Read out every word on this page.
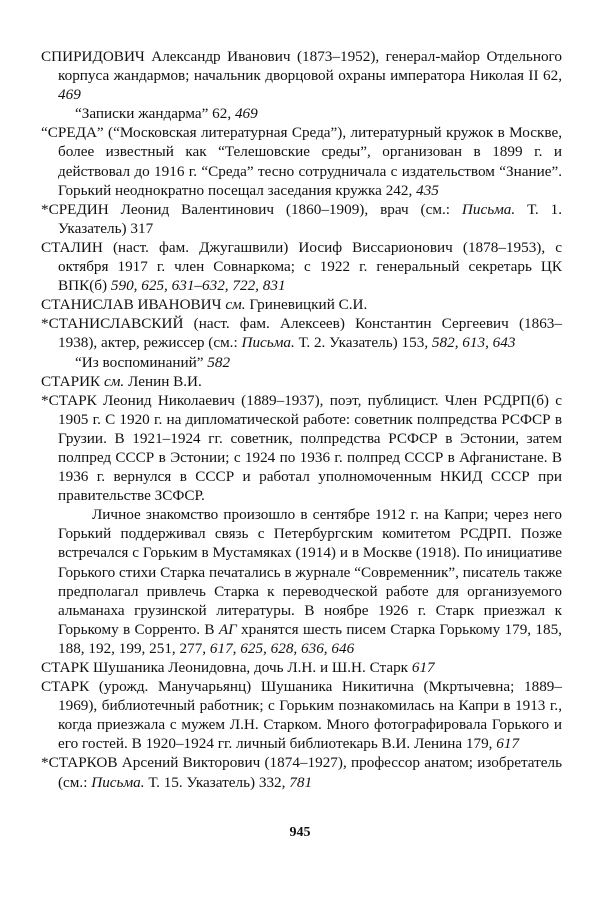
СПИРИДОВИЧ Александр Иванович (1873–1952), генерал-майор Отдельного корпуса жандармов; начальник дворцовой охраны императора Николая II 62, 469
“Записки жандарма” 62, 469
“СРЕДА” (“Московская литературная Среда”), литературный кружок в Москве, более известный как “Телешовские среды”, организован в 1899 г. и действовал до 1916 г. “Среда” тесно сотрудничала с издательством “Знание”. Горький неоднократно посещал заседания кружка 242, 435
*СРЕДИН Леонид Валентинович (1860–1909), врач (см.: Письма. Т. 1. Указатель) 317
СТАЛИН (наст. фам. Джугашвили) Иосиф Виссарионович (1878–1953), с октября 1917 г. член Совнаркома; с 1922 г. генеральный секретарь ЦК ВПК(б) 590, 625, 631–632, 722, 831
СТАНИСЛАВ ИВАНОВИЧ см. Гриневицкий С.И.
*СТАНИСЛАВСКИЙ (наст. фам. Алексеев) Константин Сергеевич (1863–1938), актер, режиссер (см.: Письма. Т. 2. Указатель) 153, 582, 613, 643
“Из воспоминаний” 582
СТАРИК см. Ленин В.И.
*СТАРК Леонид Николаевич (1889–1937), поэт, публицист. Член РСДРП(б) с 1905 г. С 1920 г. на дипломатической работе: советник полпредства РСФСР в Грузии. В 1921–1924 гг. советник, полпредства РСФСР в Эстонии, затем полпред СССР в Эстонии; с 1924 по 1936 г. полпред СССР в Афганистане. В 1936 г. вернулся в СССР и работал уполномоченным НКИД СССР при правительстве ЗСФСР.
Личное знакомство произошло в сентябре 1912 г. на Капри; через него Горький поддерживал связь с Петербургским комитетом РСДРП. Позже встречался с Горьким в Мустамяках (1914) и в Москве (1918). По инициативе Горького стихи Старка печатались в журнале “Современник”, писатель также предполагал привлечь Старка к переводческой работе для организуемого альманаха грузинской литературы. В ноябре 1926 г. Старк приезжал к Горькому в Сорренто. В АГ хранятся шесть писем Старка Горькому 179, 185, 188, 192, 199, 251, 277, 617, 625, 628, 636, 646
СТАРК Шушаника Леонидовна, дочь Л.Н. и Ш.Н. Старк 617
СТАРК (урожд. Манучарьянц) Шушаника Никитична (Мкртычевна; 1889–1969), библиотечный работник; с Горьким познакомилась на Капри в 1913 г., когда приезжала с мужем Л.Н. Старком. Много фотографировала Горького и его гостей. В 1920–1924 гг. личный библиотекарь В.И. Ленина 179, 617
*СТАРКОВ Арсений Викторович (1874–1927), профессор анатом; изобретатель (см.: Письма. Т. 15. Указатель) 332, 781
945
